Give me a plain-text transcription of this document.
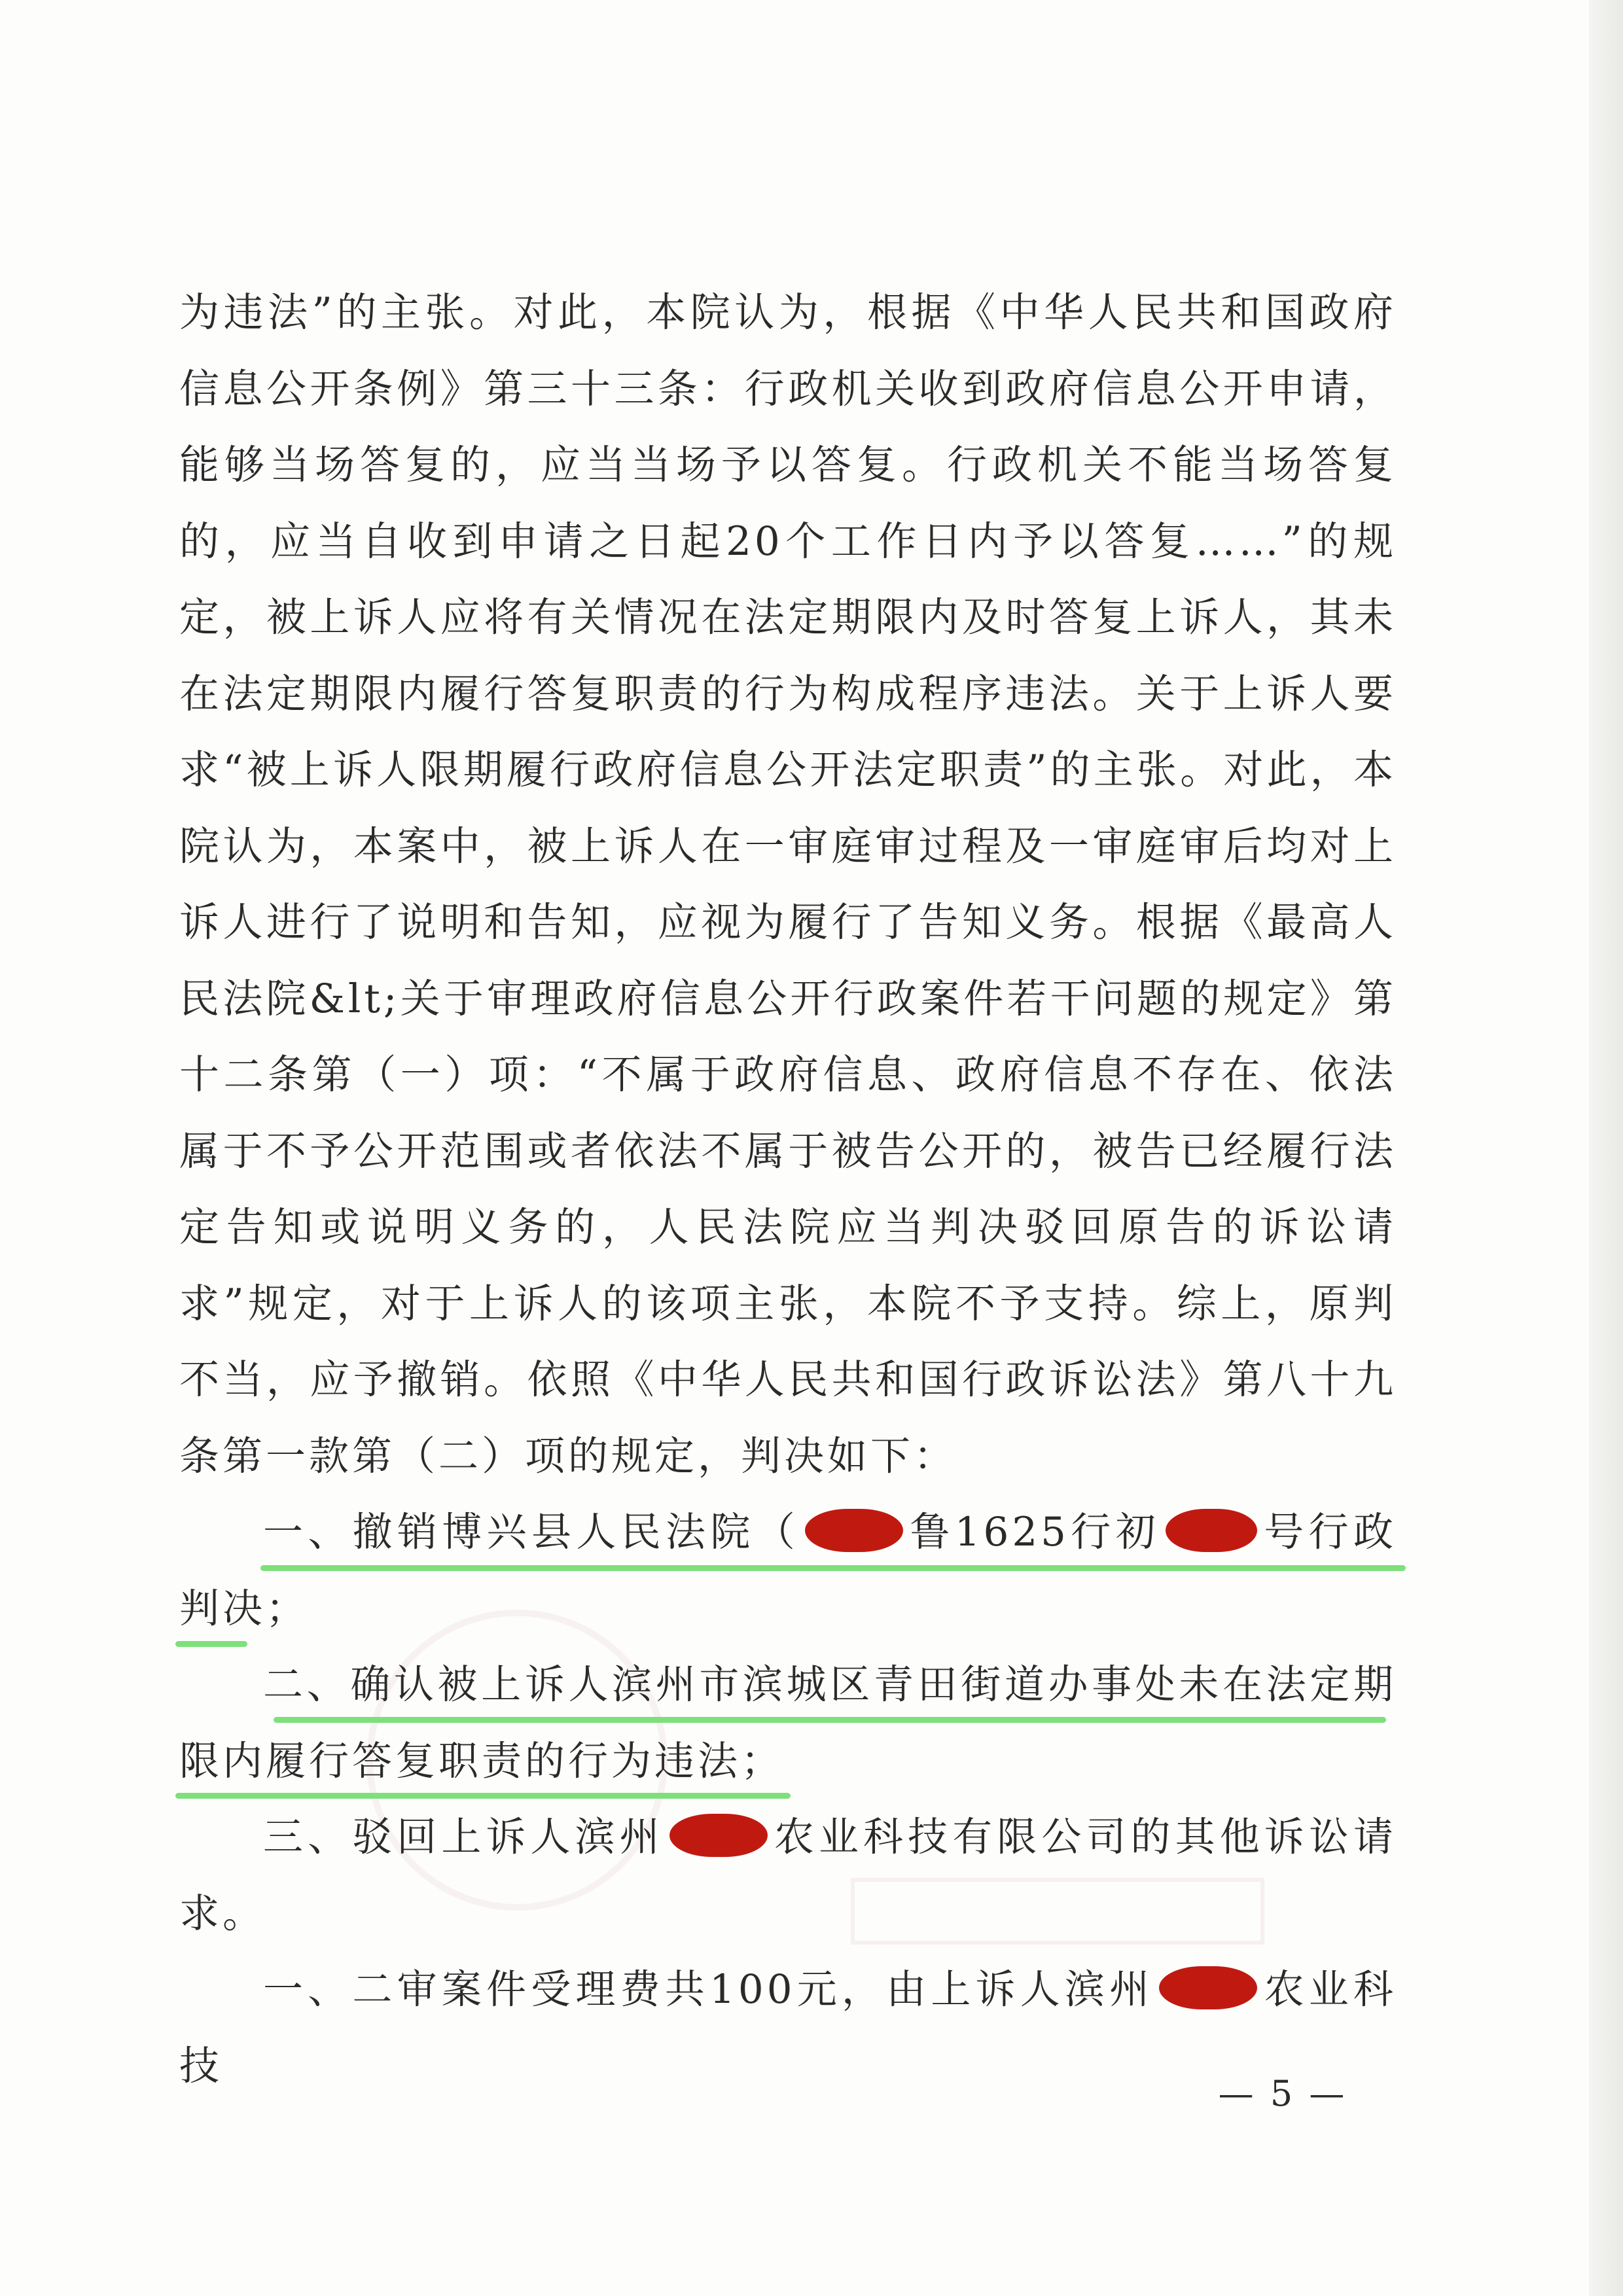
为违法”的主张。对此，本院认为，根据《中华人民共和国政府信息公开条例》第三十三条：行政机关收到政府信息公开申请，能够当场答复的，应当当场予以答复。行政机关不能当场答复的，应当自收到申请之日起20个工作日内予以答复……”的规定，被上诉人应将有关情况在法定期限内及时答复上诉人，其未在法定期限内履行答复职责的行为构成程序违法。关于上诉人要求“被上诉人限期履行政府信息公开法定职责”的主张。对此，本院认为，本案中，被上诉人在一审庭审过程及一审庭审后均对上诉人进行了说明和告知，应视为履行了告知义务。根据《最高人民法院&lt;关于审理政府信息公开行政案件若干问题的规定》第十二条第（一）项：“不属于政府信息、政府信息不存在、依法属于不予公开范围或者依法不属于被告公开的，被告已经履行法定告知或说明义务的，人民法院应当判决驳回原告的诉讼请求”规定，对于上诉人的该项主张，本院不予支持。综上，原判不当，应予撤销。依照《中华人民共和国行政诉讼法》第八十九条第一款第（二）项的规定，判决如下：

一、撤销博兴县人民法院（	鲁1625行初	号行政判决；

二、确认被上诉人滨州市滨城区青田街道办事处未在法定期限内履行答复职责的行为违法；

三、驳回上诉人滨州	农业科技有限公司的其他诉讼请求。

一、二审案件受理费共100元，由上诉人滨州	农业科技

— 5 —
